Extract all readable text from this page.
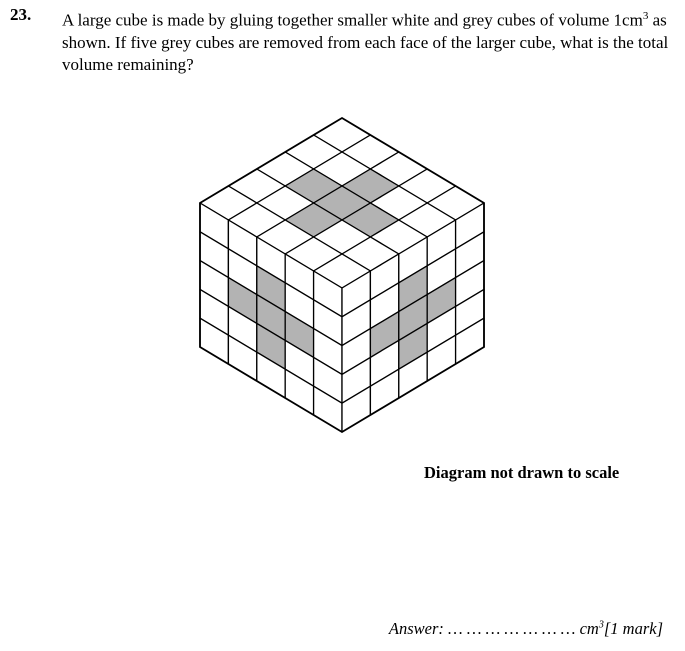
23. A large cube is made by gluing together smaller white and grey cubes of volume $1cm^3$ as shown. If five grey cubes are removed from each face of the larger cube, what is the total volume remaining?
Diagram not drawn to scale
Answer: … … … … … … … $cm^3[1$ mark]
